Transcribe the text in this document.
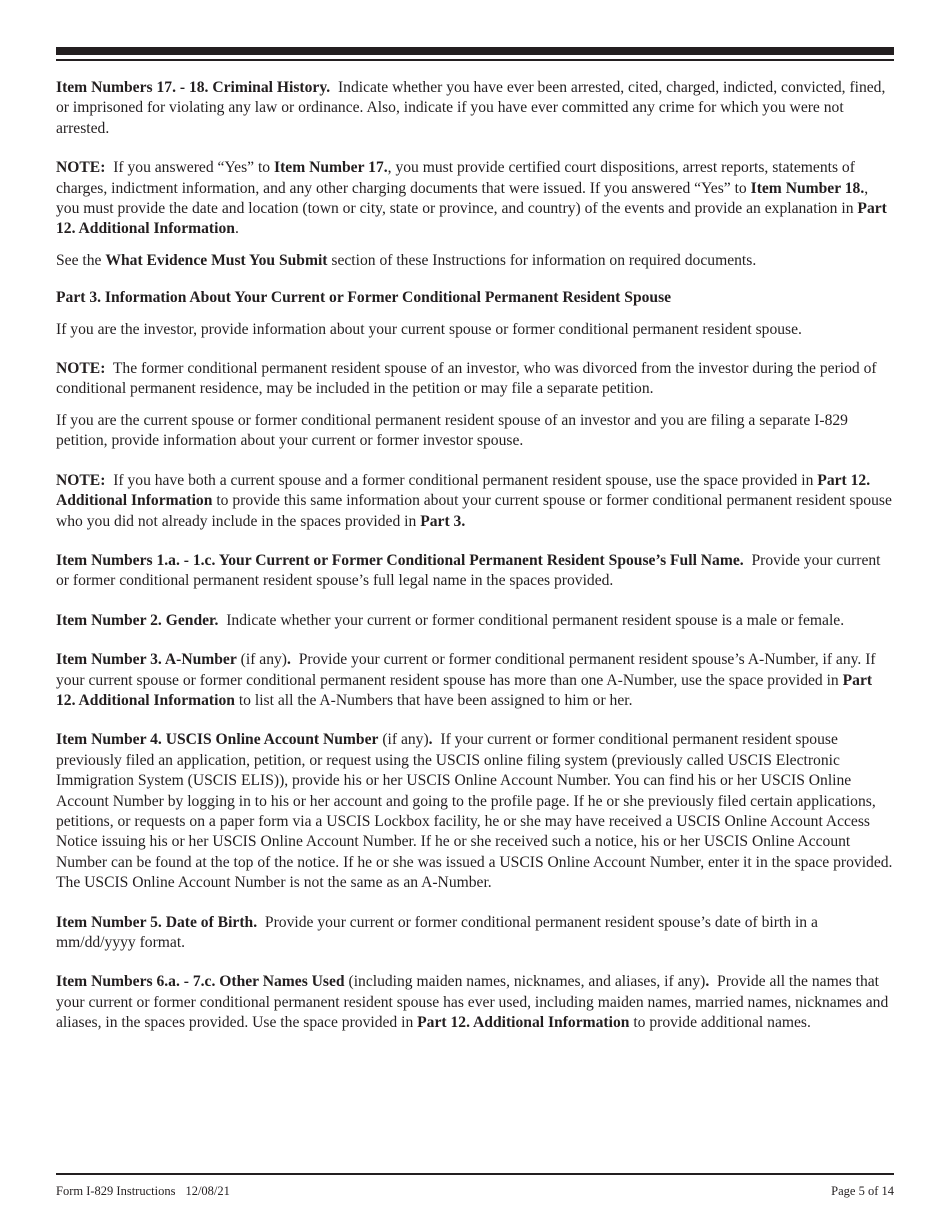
Item Numbers 17. - 18. Criminal History. Indicate whether you have ever been arrested, cited, charged, indicted, convicted, fined, or imprisoned for violating any law or ordinance. Also, indicate if you have ever committed any crime for which you were not arrested.

NOTE: If you answered “Yes” to Item Number 17., you must provide certified court dispositions, arrest reports, statements of charges, indictment information, and any other charging documents that were issued. If you answered “Yes” to Item Number 18., you must provide the date and location (town or city, state or province, and country) of the events and provide an explanation in Part 12. Additional Information.

See the What Evidence Must You Submit section of these Instructions for information on required documents.

Part 3. Information About Your Current or Former Conditional Permanent Resident Spouse

If you are the investor, provide information about your current spouse or former conditional permanent resident spouse.

NOTE: The former conditional permanent resident spouse of an investor, who was divorced from the investor during the period of conditional permanent residence, may be included in the petition or may file a separate petition.

If you are the current spouse or former conditional permanent resident spouse of an investor and you are filing a separate I-829 petition, provide information about your current or former investor spouse.

NOTE: If you have both a current spouse and a former conditional permanent resident spouse, use the space provided in Part 12. Additional Information to provide this same information about your current spouse or former conditional permanent resident spouse who you did not already include in the spaces provided in Part 3.

Item Numbers 1.a. - 1.c. Your Current or Former Conditional Permanent Resident Spouse’s Full Name. Provide your current or former conditional permanent resident spouse’s full legal name in the spaces provided.

Item Number 2. Gender. Indicate whether your current or former conditional permanent resident spouse is a male or female.

Item Number 3. A-Number (if any). Provide your current or former conditional permanent resident spouse’s A-Number, if any. If your current spouse or former conditional permanent resident spouse has more than one A-Number, use the space provided in Part 12. Additional Information to list all the A-Numbers that have been assigned to him or her.

Item Number 4. USCIS Online Account Number (if any). If your current or former conditional permanent resident spouse previously filed an application, petition, or request using the USCIS online filing system (previously called USCIS Electronic Immigration System (USCIS ELIS)), provide his or her USCIS Online Account Number. You can find his or her USCIS Online Account Number by logging in to his or her account and going to the profile page. If he or she previously filed certain applications, petitions, or requests on a paper form via a USCIS Lockbox facility, he or she may have received a USCIS Online Account Access Notice issuing his or her USCIS Online Account Number. If he or she received such a notice, his or her USCIS Online Account Number can be found at the top of the notice. If he or she was issued a USCIS Online Account Number, enter it in the space provided. The USCIS Online Account Number is not the same as an A-Number.

Item Number 5. Date of Birth. Provide your current or former conditional permanent resident spouse’s date of birth in a mm/dd/yyyy format.

Item Numbers 6.a. - 7.c. Other Names Used (including maiden names, nicknames, and aliases, if any). Provide all the names that your current or former conditional permanent resident spouse has ever used, including maiden names, married names, nicknames and aliases, in the spaces provided. Use the space provided in Part 12. Additional Information to provide additional names.

Form I-829 Instructions 12/08/21	Page 5 of 14
